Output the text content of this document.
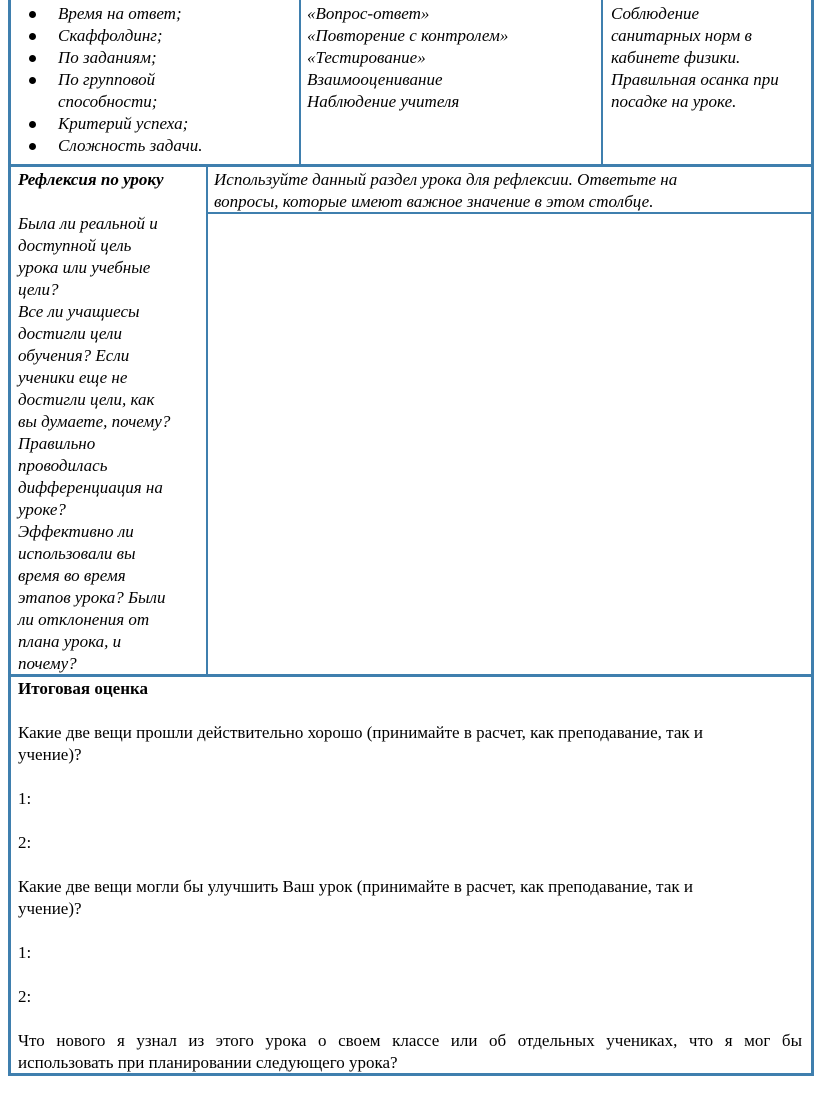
Время на ответ;
Скаффолдинг;
По заданиям;
По групповой способности;
Критерий успеха;
Сложность задачи.
«Вопрос-ответ»
«Повторение с контролем»
«Тестирование»
Взаимооценивание
Наблюдение учителя
Соблюдение
санитарных норм в
кабинете физики.
Правильная осанка при
посадке на уроке.
Рефлексия по уроку
Была ли реальной и
доступной цель
урока или учебные
цели?
Все ли учащиесы
достигли цели
обучения? Если
ученики еще не
достигли цели, как
вы думаете, почему?
Правильно
проводилась
дифференциация на
уроке?
Эффективно ли
использовали вы
время во время
этапов урока? Были
ли отклонения от
плана урока, и
почему?
Используйте данный раздел урока для рефлексии. Ответьте на
вопросы, которые имеют важное значение в этом столбце.
Итоговая оценка
Какие две вещи прошли действительно хорошо (принимайте в расчет, как преподавание, так и
учение)?
1:
2:
Какие две вещи могли бы улучшить Ваш урок (принимайте в расчет, как преподавание, так и
учение)?
1:
2:
Что нового я узнал из этого урока о своем классе или об отдельных учениках, что я мог бы
использовать при планировании следующего урока?
